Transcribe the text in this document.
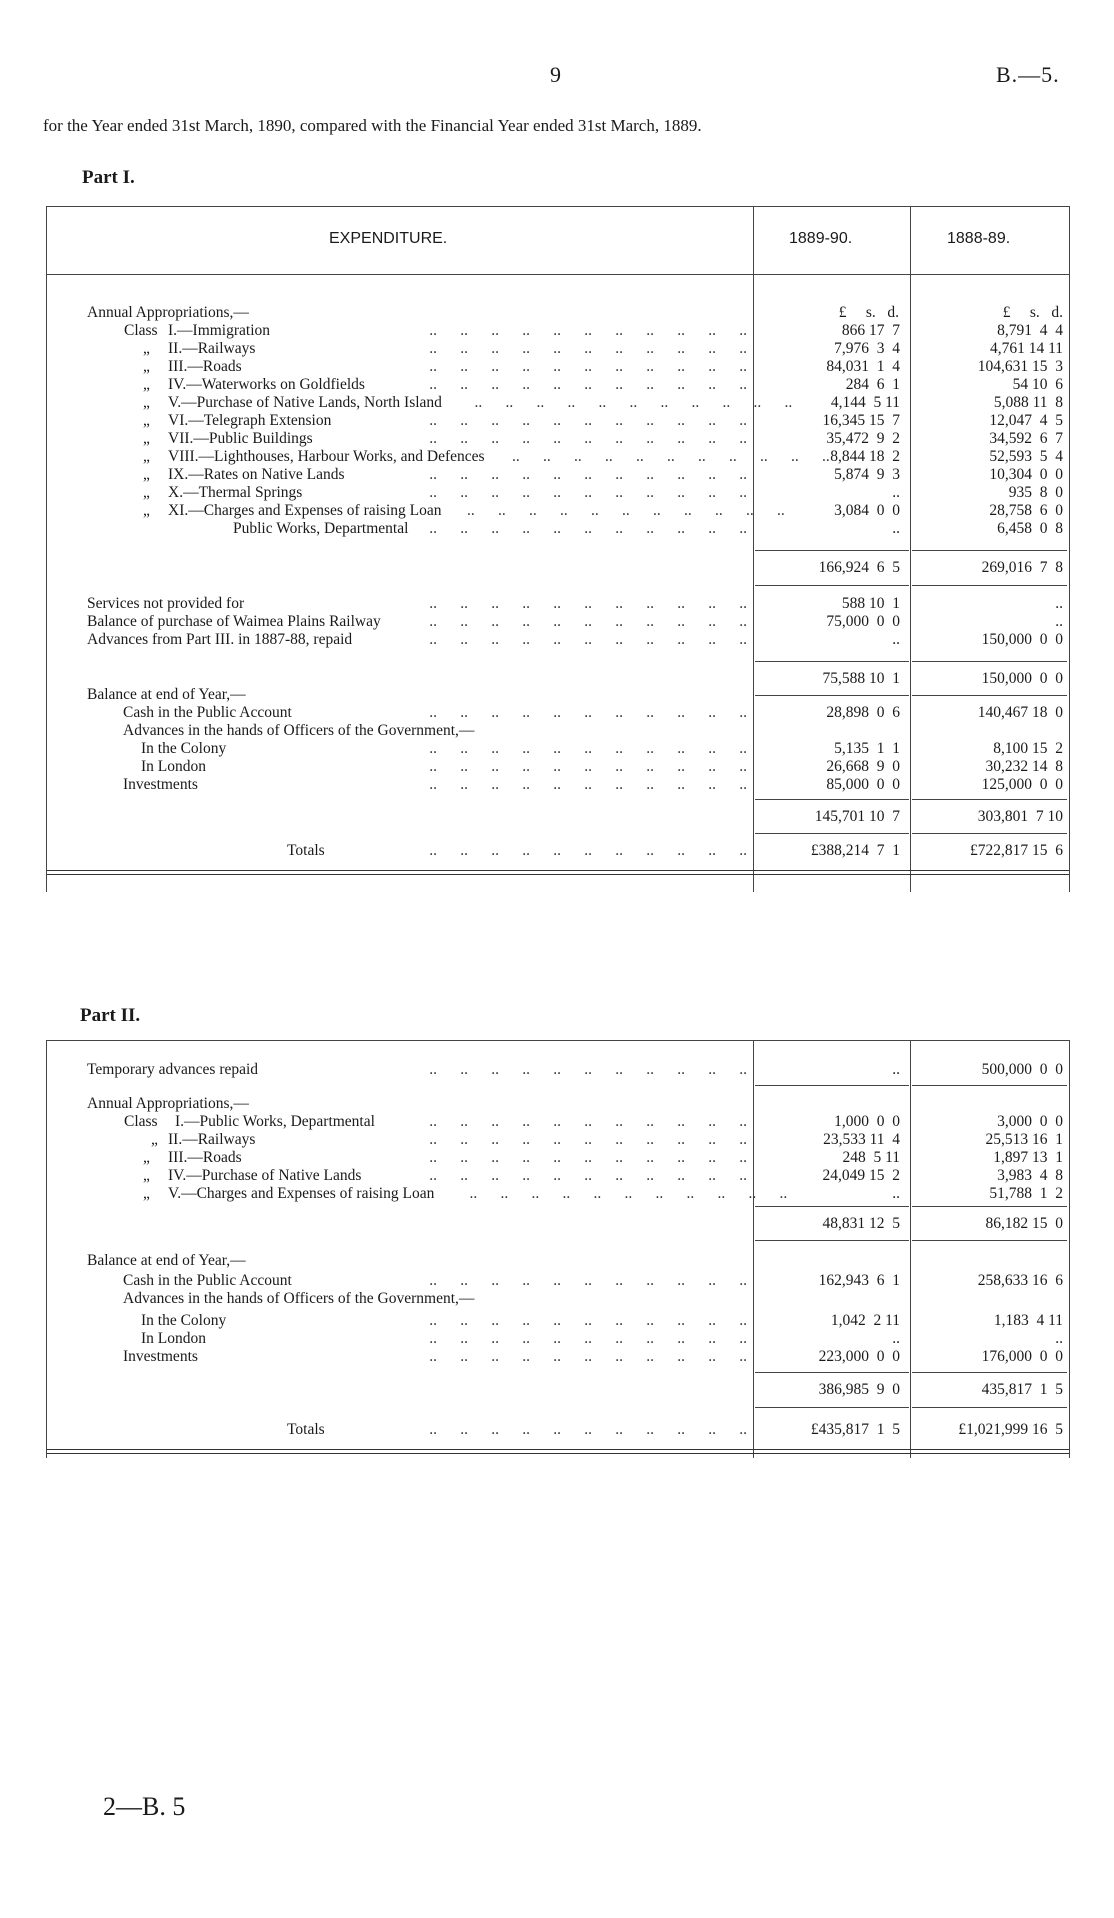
9	B.—5.
for the Year ended 31st March, 1890, compared with the Financial Year ended 31st March, 1889.
Part I.
EXPENDITURE.	1889-90.	1888-89.
Annual Appropriations,—	£     s.   d.	£     s.   d.
Class I.—Immigration	..      ..      ..      ..      ..      ..      ..      ..      ..      ..      ..	866 17  7	8,791  4  4
„ II.—Railways	..      ..      ..      ..      ..      ..      ..      ..      ..      ..      ..	7,976  3  4	4,761 14 11
„ III.—Roads	..      ..      ..      ..      ..      ..      ..      ..      ..      ..      ..	84,031  1  4	104,631 15  3
„ IV.—Waterworks on Goldfields	..      ..      ..      ..      ..      ..      ..      ..      ..      ..      ..	284  6  1	54 10  6
„ V.—Purchase of Native Lands, North Island ..      ..      ..      ..      ..      ..      ..      ..      ..      ..      ..	4,144  5 11	5,088 11  8
„ VI.—Telegraph Extension	..      ..      ..      ..      ..      ..      ..      ..      ..      ..      ..	16,345 15  7	12,047  4  5
„ VII.—Public Buildings	..      ..      ..      ..      ..      ..      ..      ..      ..      ..      ..	35,472  9  2	34,592  6  7
„ VIII.—Lighthouses, Harbour Works, and Defences ..      ..      ..      ..      ..      ..      ..      ..      ..      ..      .. 8,844 18  2	52,593  5  4
„ IX.—Rates on Native Lands	..      ..      ..      ..      ..      ..      ..      ..      ..      ..      ..	5,874  9  3	10,304  0  0
„ X.—Thermal Springs	..      ..      ..      ..      ..      ..      ..      ..      ..      ..      ..	..	935  8  0
„ XI.—Charges and Expenses of raising Loan ..      ..      ..      ..      ..      ..      ..      ..      ..      ..      ..	3,084  0  0	28,758  6  0
Public Works, Departmental ..      ..      ..      ..      ..      ..      ..      ..      ..      ..      ..	..	6,458  0  8
166,924  6  5	269,016  7  8
Services not provided for	..      ..      ..      ..      ..      ..      ..      ..      ..      ..      ..	588 10  1	..
Balance of purchase of Waimea Plains Railway	..      ..      ..      ..      ..      ..      ..      ..      ..      ..      ..	75,000  0  0	..
Advances from Part III. in 1887-88, repaid	..      ..      ..      ..      ..      ..      ..      ..      ..      ..      ..	..	150,000  0  0
75,588 10  1	150,000  0  0
Balance at end of Year,—
Cash in the Public Account	..      ..      ..      ..      ..      ..      ..      ..      ..      ..      ..	28,898  0  6	140,467 18  0
Advances in the hands of Officers of the Government,—
In the Colony	..      ..      ..      ..      ..      ..      ..      ..      ..      ..      ..	5,135  1  1	8,100 15  2
In London	..      ..      ..      ..      ..      ..      ..      ..      ..      ..      ..	26,668  9  0	30,232 14  8
Investments	..      ..      ..      ..      ..      ..      ..      ..      ..      ..      ..	85,000  0  0	125,000  0  0
145,701 10  7	303,801  7 10
Totals	..      ..      ..      ..      ..      ..      ..      ..      ..      ..      ..	£388,214  7  1	£722,817 15  6
Part II.
Temporary advances repaid	..      ..      ..      ..      ..      ..      ..      ..      ..      ..      ..	..	500,000  0  0
Annual Appropriations,—
Class I.—Public Works, Departmental	..      ..      ..      ..      ..      ..      ..      ..      ..      ..      ..	1,000  0  0	3,000  0  0
„ II.—Railways	..      ..      ..      ..      ..      ..      ..      ..      ..      ..      ..	23,533 11  4	25,513 16  1
„ III.—Roads	..      ..      ..      ..      ..      ..      ..      ..      ..      ..      ..	248  5 11	1,897 13  1
„ IV.—Purchase of Native Lands	..      ..      ..      ..      ..      ..      ..      ..      ..      ..      ..	24,049 15  2	3,983  4  8
„ V.—Charges and Expenses of raising Loan ..      ..      ..      ..      ..      ..      ..      ..      ..      ..      ..	..	51,788  1  2
48,831 12  5	86,182 15  0
Balance at end of Year,—
Cash in the Public Account	..      ..      ..      ..      ..      ..      ..      ..      ..      ..      ..	162,943  6  1	258,633 16  6
Advances in the hands of Officers of the Government,—
In the Colony	..      ..      ..      ..      ..      ..      ..      ..      ..      ..      ..	1,042  2 11	1,183  4 11
In London	..      ..      ..      ..      ..      ..      ..      ..      ..      ..      ..	..	..
Investments	..      ..      ..      ..      ..      ..      ..      ..      ..      ..      ..	223,000  0  0	176,000  0  0
386,985  9  0	435,817  1  5
Totals	..      ..      ..      ..      ..      ..      ..      ..      ..      ..      ..	£435,817  1  5	£1,021,999 16  5
2—B. 5
